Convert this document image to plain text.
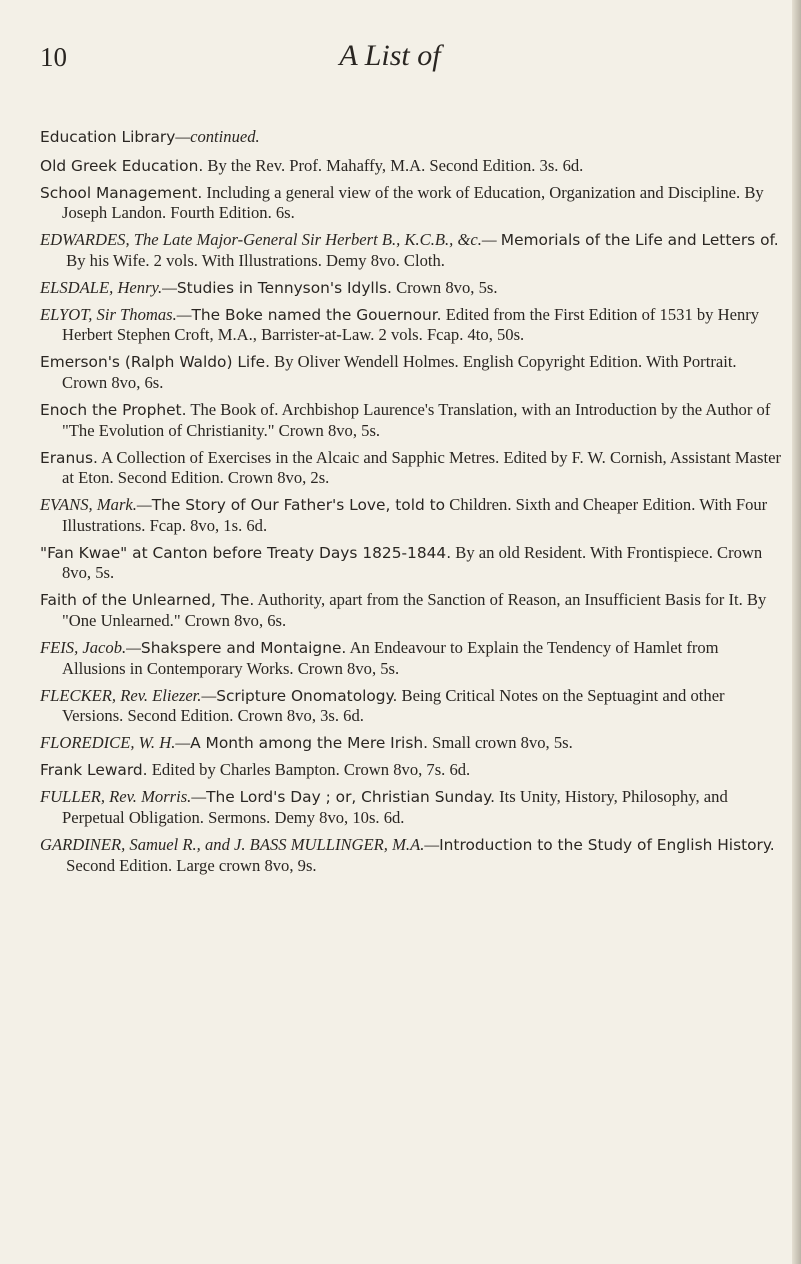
10	A List of
Education Library—continued.
Old Greek Education. By the Rev. Prof. Mahaffy, M.A. Second Edition. 3s. 6d.
School Management. Including a general view of the work of Education, Organization and Discipline. By Joseph Landon. Fourth Edition. 6s.
EDWARDES, The Late Major-General Sir Herbert B., K.C.B., &c.— Memorials of the Life and Letters of. By his Wife. 2 vols. With Illustrations. Demy 8vo. Cloth.
ELSDALE, Henry.—Studies in Tennyson's Idylls. Crown 8vo, 5s.
ELYOT, Sir Thomas.—The Boke named the Gouernour. Edited from the First Edition of 1531 by Henry Herbert Stephen Croft, M.A., Barrister-at-Law. 2 vols. Fcap. 4to, 50s.
Emerson's (Ralph Waldo) Life. By Oliver Wendell Holmes. English Copyright Edition. With Portrait. Crown 8vo, 6s.
Enoch the Prophet. The Book of. Archbishop Laurence's Translation, with an Introduction by the Author of "The Evolution of Christianity." Crown 8vo, 5s.
Eranus. A Collection of Exercises in the Alcaic and Sapphic Metres. Edited by F. W. Cornish, Assistant Master at Eton. Second Edition. Crown 8vo, 2s.
EVANS, Mark.—The Story of Our Father's Love, told to Children. Sixth and Cheaper Edition. With Four Illustrations. Fcap. 8vo, 1s. 6d.
"Fan Kwae" at Canton before Treaty Days 1825-1844. By an old Resident. With Frontispiece. Crown 8vo, 5s.
Faith of the Unlearned, The. Authority, apart from the Sanction of Reason, an Insufficient Basis for It. By "One Unlearned." Crown 8vo, 6s.
FEIS, Jacob.—Shakspere and Montaigne. An Endeavour to Explain the Tendency of Hamlet from Allusions in Contemporary Works. Crown 8vo, 5s.
FLECKER, Rev. Eliezer.—Scripture Onomatology. Being Critical Notes on the Septuagint and other Versions. Second Edition. Crown 8vo, 3s. 6d.
FLOREDICE, W. H.—A Month among the Mere Irish. Small crown 8vo, 5s.
Frank Leward. Edited by Charles Bampton. Crown 8vo, 7s. 6d.
FULLER, Rev. Morris.—The Lord's Day ; or, Christian Sunday. Its Unity, History, Philosophy, and Perpetual Obligation. Sermons. Demy 8vo, 10s. 6d.
GARDINER, Samuel R., and J. BASS MULLINGER, M.A.—Introduction to the Study of English History. Second Edition. Large crown 8vo, 9s.
